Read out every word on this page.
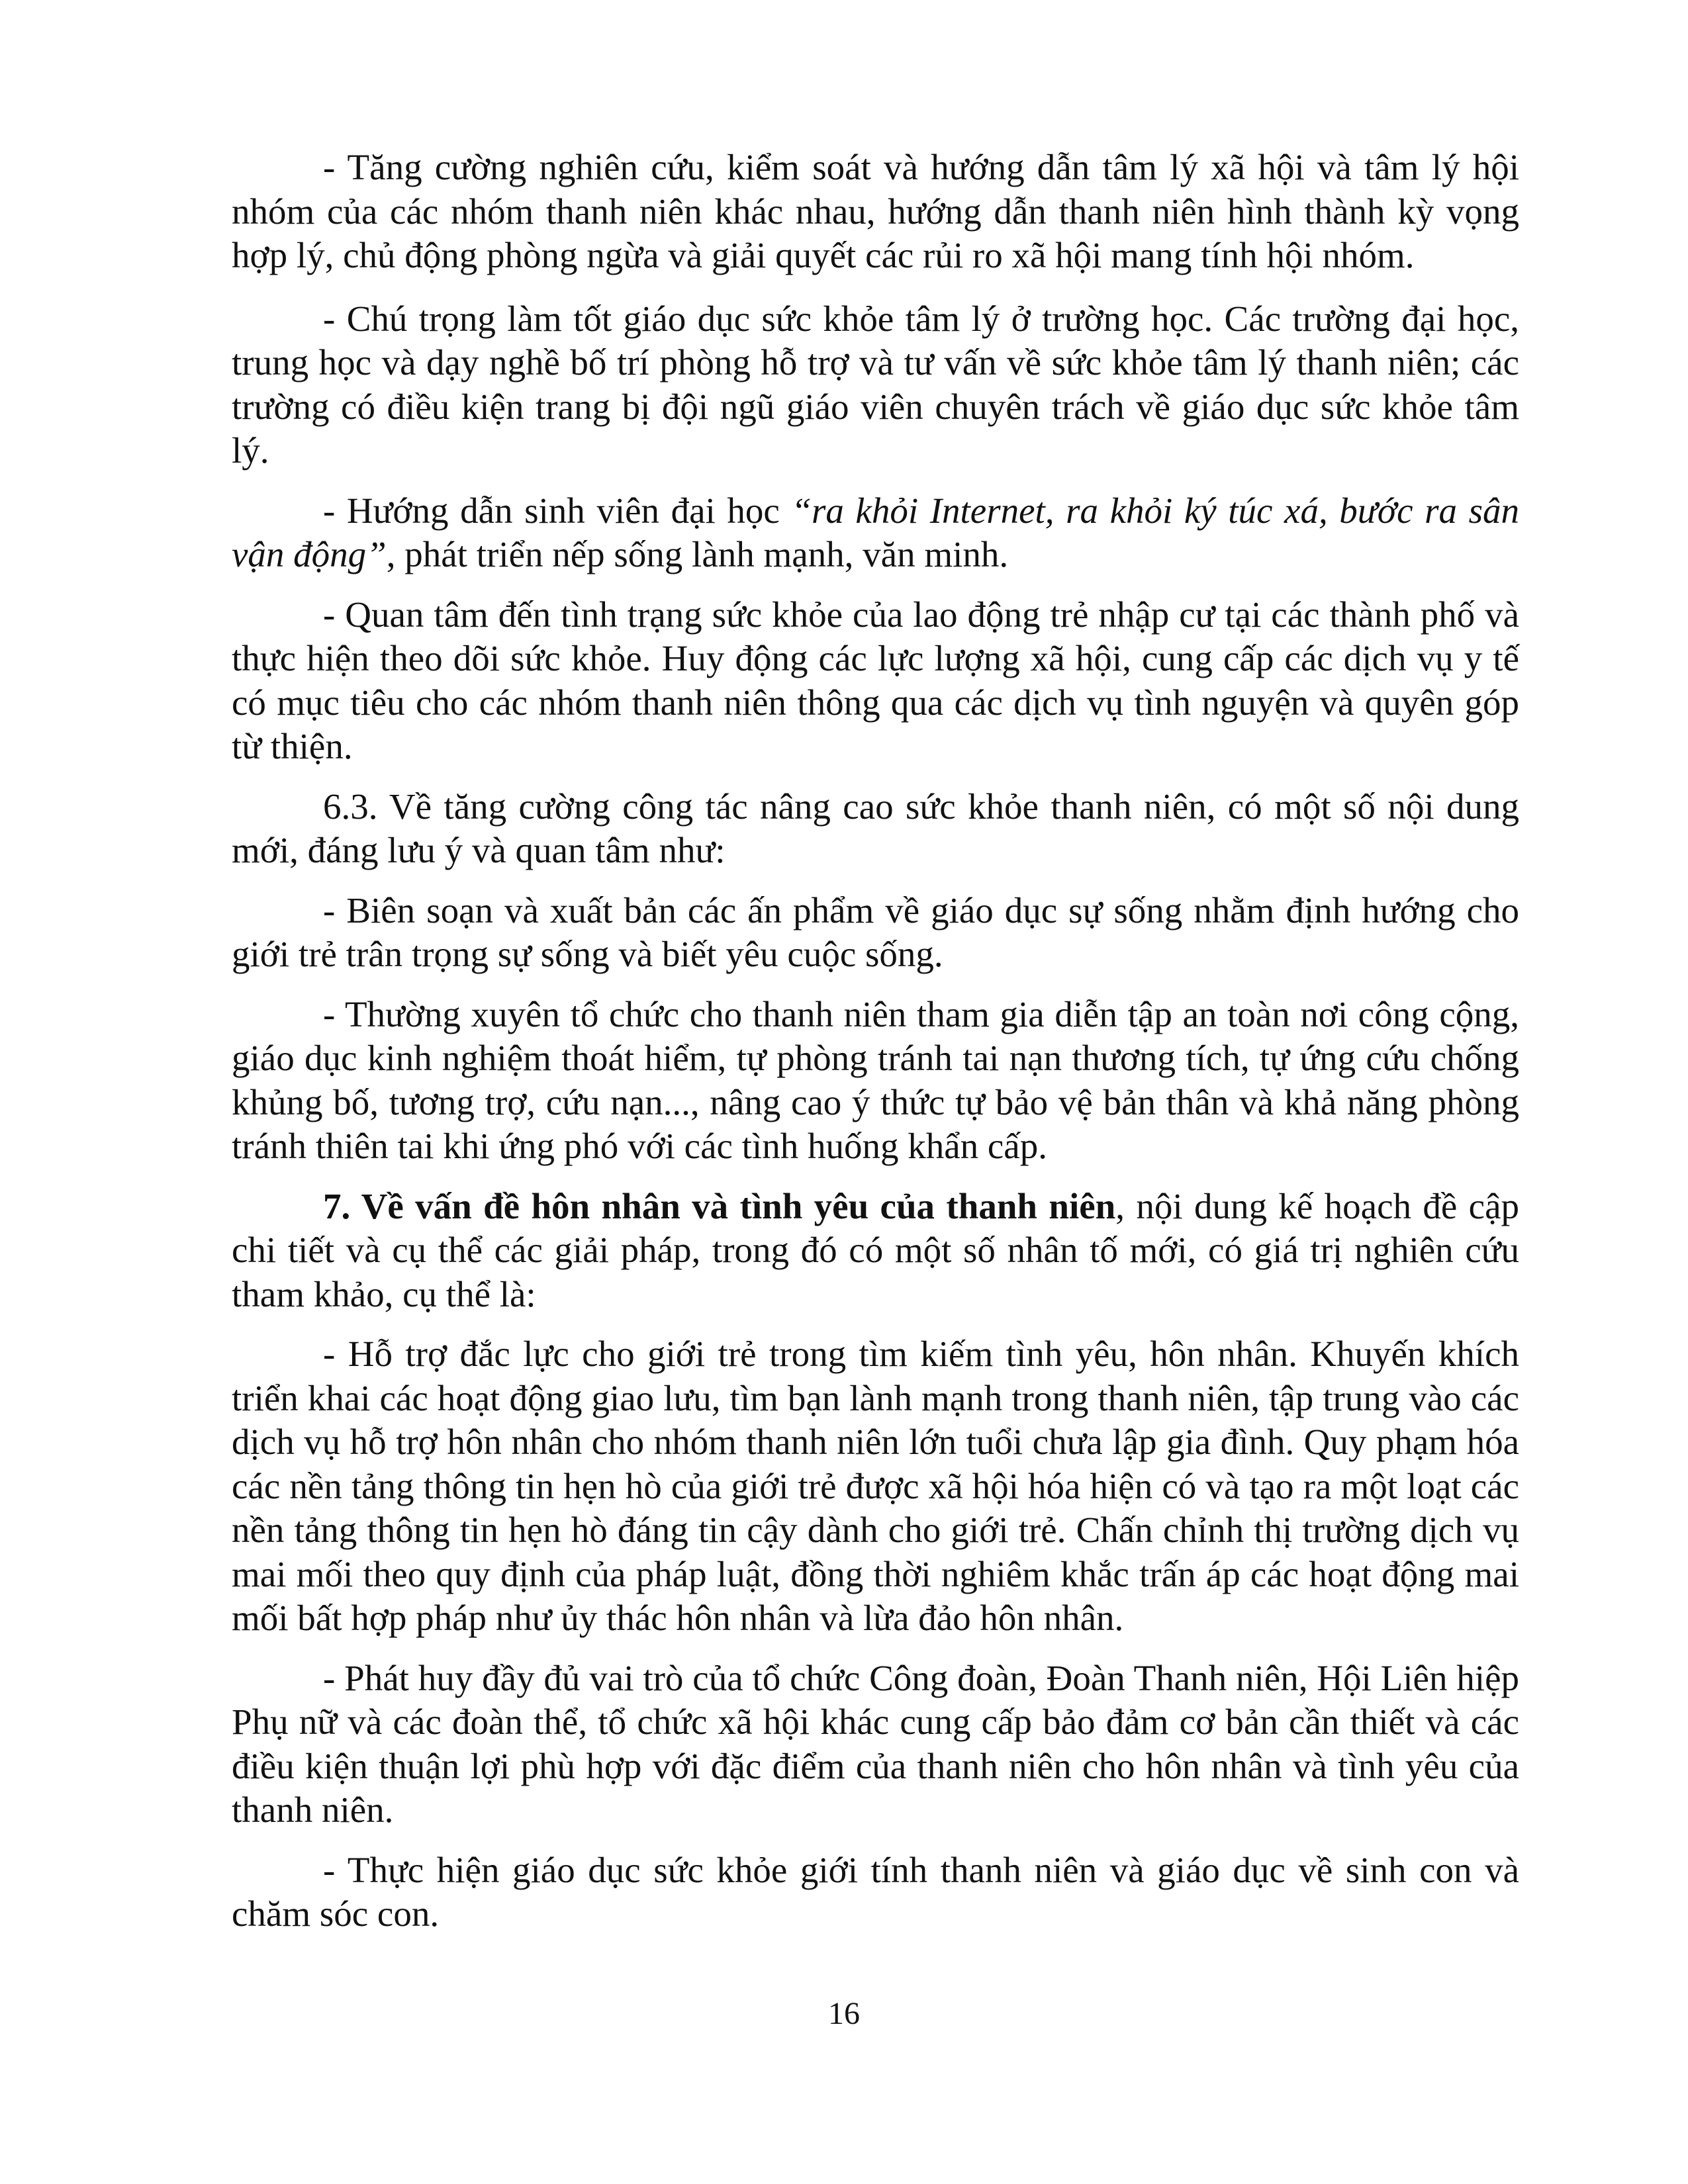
- Tăng cường nghiên cứu, kiểm soát và hướng dẫn tâm lý xã hội và tâm lý hội nhóm của các nhóm thanh niên khác nhau, hướng dẫn thanh niên hình thành kỳ vọng hợp lý, chủ động phòng ngừa và giải quyết các rủi ro xã hội mang tính hội nhóm.

- Chú trọng làm tốt giáo dục sức khỏe tâm lý ở trường học. Các trường đại học, trung học và dạy nghề bố trí phòng hỗ trợ và tư vấn về sức khỏe tâm lý thanh niên; các trường có điều kiện trang bị đội ngũ giáo viên chuyên trách về giáo dục sức khỏe tâm lý.

- Hướng dẫn sinh viên đại học “ra khỏi Internet, ra khỏi ký túc xá, bước ra sân vận động”, phát triển nếp sống lành mạnh, văn minh.

- Quan tâm đến tình trạng sức khỏe của lao động trẻ nhập cư tại các thành phố và thực hiện theo dõi sức khỏe. Huy động các lực lượng xã hội, cung cấp các dịch vụ y tế có mục tiêu cho các nhóm thanh niên thông qua các dịch vụ tình nguyện và quyên góp từ thiện.

6.3. Về tăng cường công tác nâng cao sức khỏe thanh niên, có một số nội dung mới, đáng lưu ý và quan tâm như:

- Biên soạn và xuất bản các ấn phẩm về giáo dục sự sống nhằm định hướng cho giới trẻ trân trọng sự sống và biết yêu cuộc sống.

- Thường xuyên tổ chức cho thanh niên tham gia diễn tập an toàn nơi công cộng, giáo dục kinh nghiệm thoát hiểm, tự phòng tránh tai nạn thương tích, tự ứng cứu chống khủng bố, tương trợ, cứu nạn..., nâng cao ý thức tự bảo vệ bản thân và khả năng phòng tránh thiên tai khi ứng phó với các tình huống khẩn cấp.

7. Về vấn đề hôn nhân và tình yêu của thanh niên, nội dung kế hoạch đề cập chi tiết và cụ thể các giải pháp, trong đó có một số nhân tố mới, có giá trị nghiên cứu tham khảo, cụ thể là:

- Hỗ trợ đắc lực cho giới trẻ trong tìm kiếm tình yêu, hôn nhân. Khuyến khích triển khai các hoạt động giao lưu, tìm bạn lành mạnh trong thanh niên, tập trung vào các dịch vụ hỗ trợ hôn nhân cho nhóm thanh niên lớn tuổi chưa lập gia đình. Quy phạm hóa các nền tảng thông tin hẹn hò của giới trẻ được xã hội hóa hiện có và tạo ra một loạt các nền tảng thông tin hẹn hò đáng tin cậy dành cho giới trẻ. Chấn chỉnh thị trường dịch vụ mai mối theo quy định của pháp luật, đồng thời nghiêm khắc trấn áp các hoạt động mai mối bất hợp pháp như ủy thác hôn nhân và lừa đảo hôn nhân.

- Phát huy đầy đủ vai trò của tổ chức Công đoàn, Đoàn Thanh niên, Hội Liên hiệp Phụ nữ và các đoàn thể, tổ chức xã hội khác cung cấp bảo đảm cơ bản cần thiết và các điều kiện thuận lợi phù hợp với đặc điểm của thanh niên cho hôn nhân và tình yêu của thanh niên.

- Thực hiện giáo dục sức khỏe giới tính thanh niên và giáo dục về sinh con và chăm sóc con.

16
